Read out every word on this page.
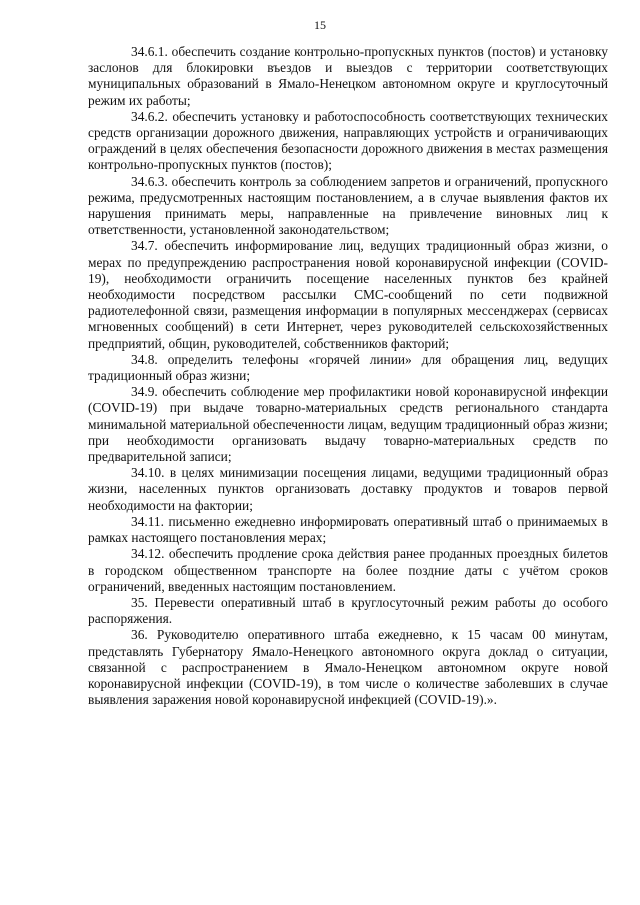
15

34.6.1. обеспечить создание контрольно-пропускных пунктов (постов) и установку заслонов для блокировки въездов и выездов с территории соответствующих муниципальных образований в Ямало-Ненецком автономном округе и круглосуточный режим их работы;

34.6.2. обеспечить установку и работоспособность соответствующих технических средств организации дорожного движения, направляющих устройств и ограничивающих ограждений в целях обеспечения безопасности дорожного движения в местах размещения контрольно-пропускных пунктов (постов);

34.6.3. обеспечить контроль за соблюдением запретов и ограничений, пропускного режима, предусмотренных настоящим постановлением, а в случае выявления фактов их нарушения принимать меры, направленные на привлечение виновных лиц к ответственности, установленной законодательством;

34.7. обеспечить информирование лиц, ведущих традиционный образ жизни, о мерах по предупреждению распространения новой коронавирусной инфекции (COVID-19), необходимости ограничить посещение населенных пунктов без крайней необходимости посредством рассылки СМС-сообщений по сети подвижной радиотелефонной связи, размещения информации в популярных мессенджерах (сервисах мгновенных сообщений) в сети Интернет, через руководителей сельскохозяйственных предприятий, общин, руководителей, собственников факторий;

34.8. определить телефоны «горячей линии» для обращения лиц, ведущих традиционный образ жизни;

34.9. обеспечить соблюдение мер профилактики новой коронавирусной инфекции (COVID-19) при выдаче товарно-материальных средств регионального стандарта минимальной материальной обеспеченности лицам, ведущим традиционный образ жизни; при необходимости организовать выдачу товарно-материальных средств по предварительной записи;

34.10. в целях минимизации посещения лицами, ведущими традиционный образ жизни, населенных пунктов организовать доставку продуктов и товаров первой необходимости на фактории;

34.11. письменно ежедневно информировать оперативный штаб о принимаемых в рамках настоящего постановления мерах;

34.12. обеспечить продление срока действия ранее проданных проездных билетов в городском общественном транспорте на более поздние даты с учётом сроков ограничений, введенных настоящим постановлением.

35. Перевести оперативный штаб в круглосуточный режим работы до особого распоряжения.

36. Руководителю оперативного штаба ежедневно, к 15 часам 00 минутам, представлять Губернатору Ямало-Ненецкого автономного округа доклад о ситуации, связанной с распространением в Ямало-Ненецком автономном округе новой коронавирусной инфекции (COVID-19), в том числе о количестве заболевших в случае выявления заражения новой коронавирусной инфекцией (COVID-19).».
